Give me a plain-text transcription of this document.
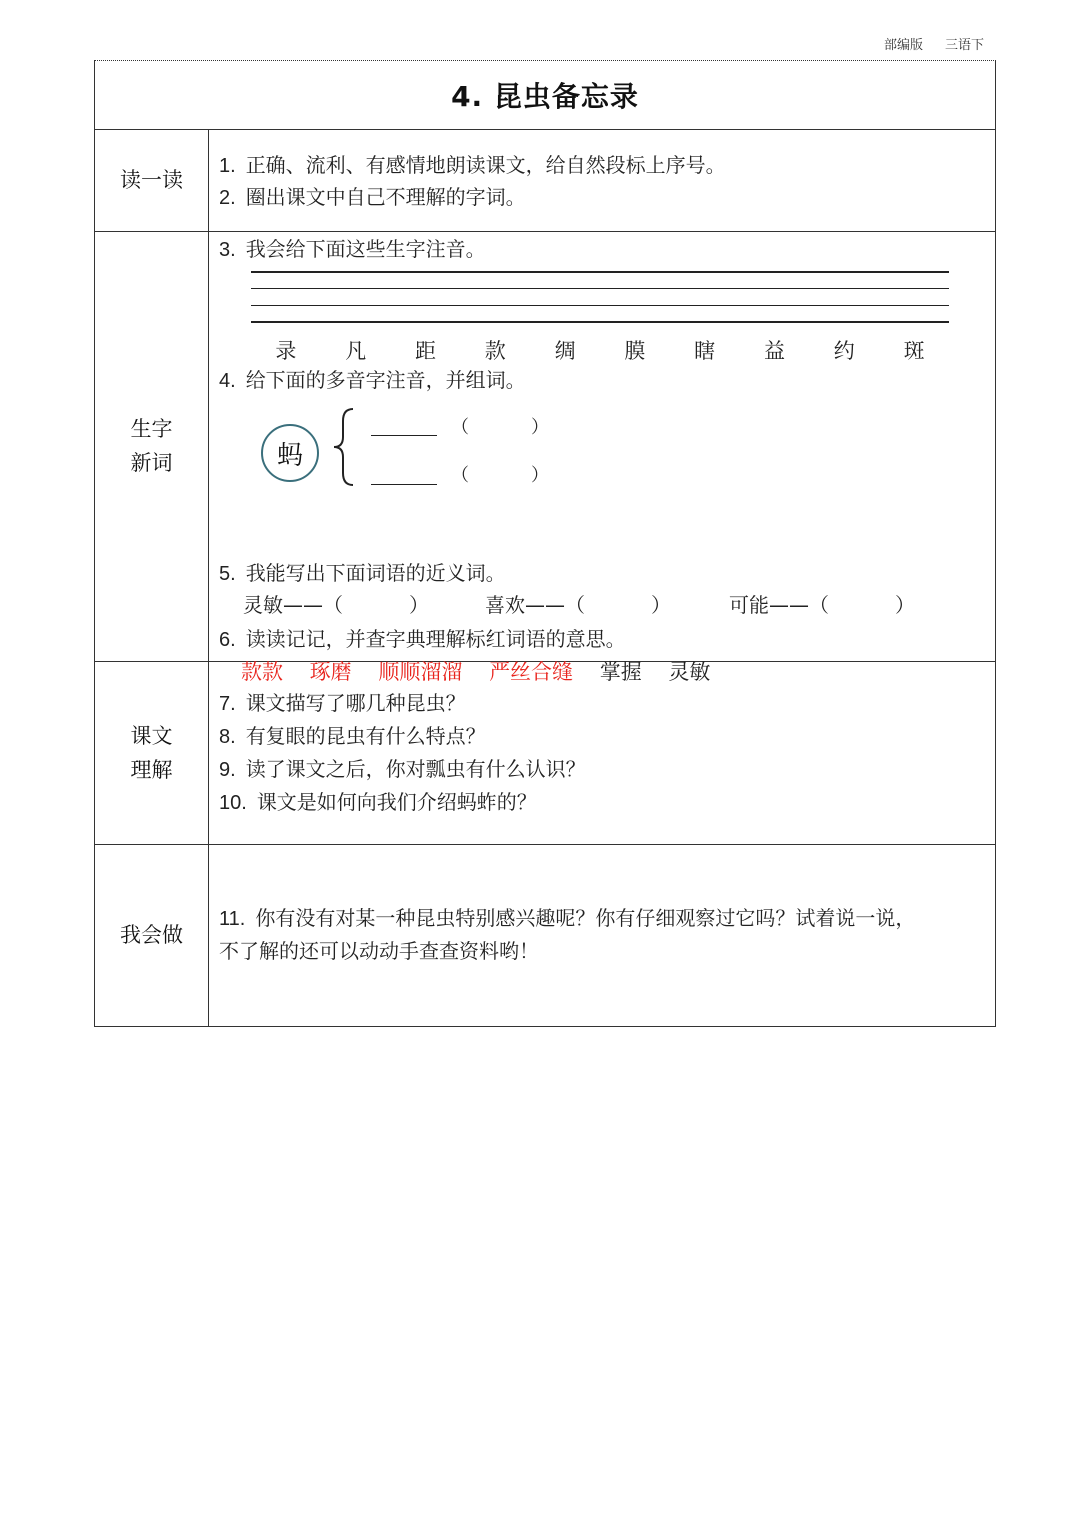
部编版 三语下
4. 昆虫备忘录
读一读
1. 正确、流利、有感情地朗读课文，给自然段标上序号。
2. 圈出课文中自己不理解的字词。
生字
新词
3. 我会给下面这些生字注音。
录 凡 距 款 绸 膜 瞎 益 约 斑
4. 给下面的多音字注音，并组词。
蚂
（	）
（	）
5. 我能写出下面词语的近义词。
灵敏——（	）	喜欢——（	）	可能——（	）
6. 读读记记，并查字典理解标红词语的意思。
款款 琢磨 顺顺溜溜 严丝合缝 掌握 灵敏
课文
理解
7. 课文描写了哪几种昆虫？
8. 有复眼的昆虫有什么特点？
9. 读了课文之后，你对瓢虫有什么认识？
10. 课文是如何向我们介绍蚂蚱的？
我会做
11. 你有没有对某一种昆虫特别感兴趣呢？你有仔细观察过它吗？试着说一说，
不了解的还可以动动手查查资料哟！
